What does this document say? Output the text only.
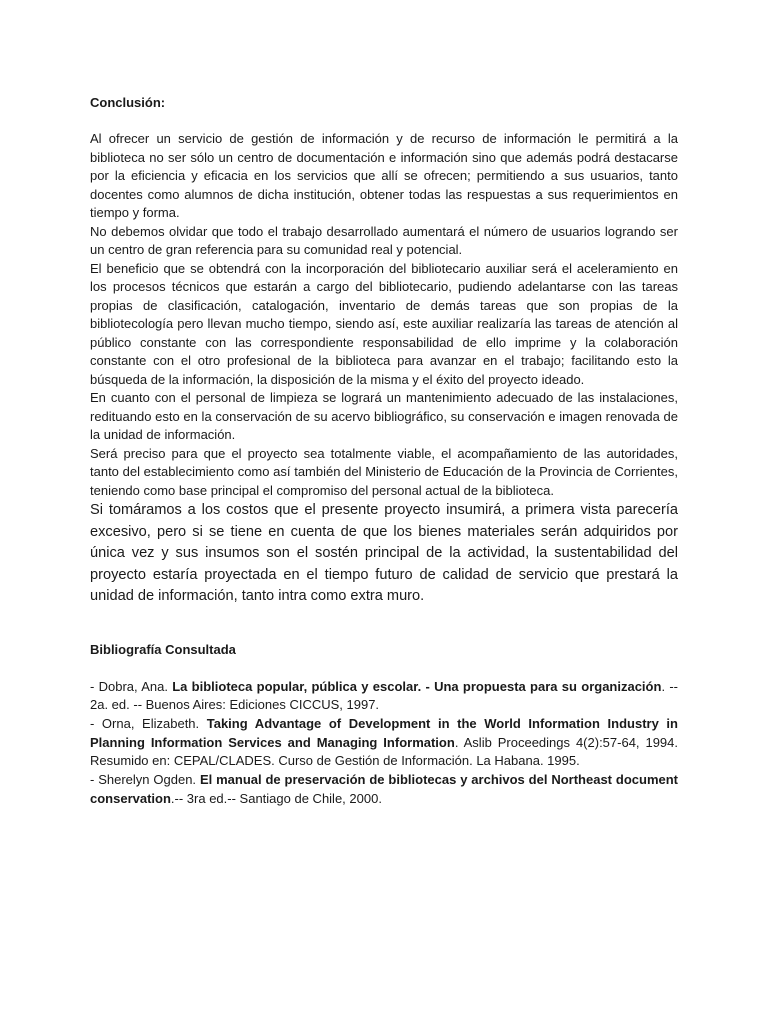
Conclusión:

Al ofrecer un servicio de gestión de información y de recurso de información le permitirá a la biblioteca no ser sólo un centro de documentación e información sino que además podrá destacarse por la eficiencia y eficacia en los servicios que allí se ofrecen; permitiendo a sus usuarios, tanto docentes como alumnos de dicha institución, obtener todas las respuestas a sus requerimientos en tiempo y forma.

No debemos olvidar que todo el trabajo desarrollado aumentará el número de usuarios logrando ser un centro de gran referencia para su comunidad real y potencial.

El beneficio que se obtendrá con la incorporación del bibliotecario auxiliar será el aceleramiento en los procesos técnicos que estarán a cargo del bibliotecario, pudiendo adelantarse con las tareas propias de clasificación, catalogación, inventario de demás tareas que son propias de la bibliotecología pero llevan mucho tiempo, siendo así, este auxiliar realizaría las tareas de atención al público constante con las correspondiente responsabilidad de ello imprime y la colaboración constante con el otro profesional de la biblioteca para avanzar en el trabajo; facilitando esto la búsqueda de la información, la disposición de la misma y el éxito del proyecto ideado.

En cuanto con el personal de limpieza se logrará un mantenimiento adecuado de las instalaciones, redituando esto en la conservación de su acervo bibliográfico, su conservación e imagen renovada de la unidad de información.

Será preciso para que el proyecto sea totalmente viable, el acompañamiento de las autoridades, tanto del establecimiento como así también del Ministerio de Educación de la Provincia de Corrientes, teniendo como base principal el compromiso del personal actual de la biblioteca.

Si tomáramos a los costos que el presente proyecto insumirá, a primera vista parecería excesivo, pero si se tiene en cuenta de que los bienes materiales serán adquiridos por única vez y sus insumos son el sostén principal de la actividad, la sustentabilidad del proyecto estaría proyectada en el tiempo futuro de calidad de servicio que prestará la unidad de información, tanto intra como extra muro.

Bibliografía Consultada

- Dobra, Ana. La biblioteca popular, pública y escolar. - Una propuesta para su organización. -- 2a. ed. -- Buenos Aires: Ediciones CICCUS, 1997.

- Orna, Elizabeth. Taking Advantage of Development in the World Information Industry in Planning Information Services and Managing Information. Aslib Proceedings 4(2):57-64, 1994. Resumido en: CEPAL/CLADES. Curso de Gestión de Información. La Habana. 1995.

- Sherelyn Ogden. El manual de preservación de bibliotecas y archivos del Northeast document conservation.-- 3ra ed.-- Santiago de Chile, 2000.
